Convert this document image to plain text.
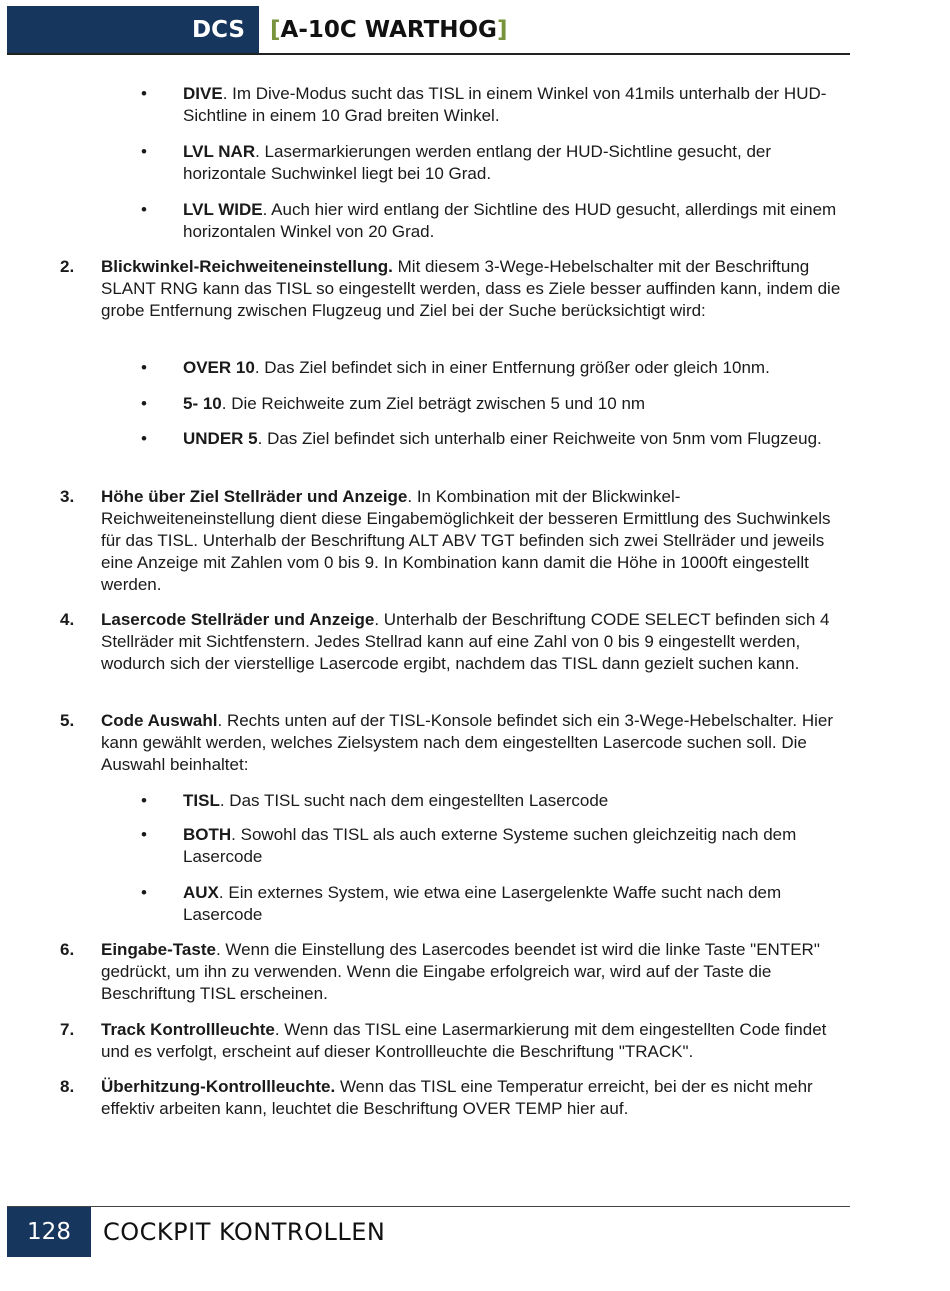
DCS [ A-10C WARTHOG ]
•	DIVE. Im Dive-Modus sucht das TISL in einem Winkel von 41mils unterhalb der HUD-Sichtline in einem 10 Grad breiten Winkel.
•	LVL NAR. Lasermarkierungen werden entlang der HUD-Sichtline gesucht, der horizontale Suchwinkel liegt bei 10 Grad.
•	LVL WIDE. Auch hier wird entlang der Sichtline des HUD gesucht, allerdings mit einem horizontalen Winkel von 20 Grad.
2.	Blickwinkel-Reichweiteneinstellung. Mit diesem 3-Wege-Hebelschalter mit der Beschriftung SLANT RNG kann das TISL so eingestellt werden, dass es Ziele besser auffinden kann, indem die grobe Entfernung zwischen Flugzeug und Ziel bei der Suche berücksichtigt wird:
•	OVER 10. Das Ziel befindet sich in einer Entfernung größer oder gleich 10nm.
•	5- 10. Die Reichweite zum Ziel beträgt zwischen 5 und 10 nm
•	UNDER 5. Das Ziel befindet sich unterhalb einer Reichweite von 5nm vom Flugzeug.
3.	Höhe über Ziel Stellräder und Anzeige. In Kombination mit der Blickwinkel-Reichweiteneinstellung dient diese Eingabemöglichkeit der besseren Ermittlung des Suchwinkels für das TISL. Unterhalb der Beschriftung ALT ABV TGT befinden sich zwei Stellräder und jeweils eine Anzeige mit Zahlen vom 0 bis 9. In Kombination kann damit die Höhe in 1000ft eingestellt werden.
4.	Lasercode Stellräder und Anzeige. Unterhalb der Beschriftung CODE SELECT befinden sich 4 Stellräder mit Sichtfenstern. Jedes Stellrad kann auf eine Zahl von 0 bis 9 eingestellt werden, wodurch sich der vierstellige Lasercode ergibt, nachdem das TISL dann gezielt suchen kann.
5.	Code Auswahl. Rechts unten auf der TISL-Konsole befindet sich ein 3-Wege-Hebelschalter. Hier kann gewählt werden, welches Zielsystem nach dem eingestellten Lasercode suchen soll. Die Auswahl beinhaltet:
•	TISL. Das TISL sucht nach dem eingestellten Lasercode
•	BOTH. Sowohl das TISL als auch externe Systeme suchen gleichzeitig nach dem Lasercode
•	AUX. Ein externes System, wie etwa eine Lasergelenkte Waffe sucht nach dem Lasercode
6.	Eingabe-Taste. Wenn die Einstellung des Lasercodes beendet ist wird die linke Taste "ENTER" gedrückt, um ihn zu verwenden. Wenn die Eingabe erfolgreich war, wird auf der Taste die Beschriftung TISL erscheinen.
7.	Track Kontrollleuchte. Wenn das TISL eine Lasermarkierung mit dem eingestellten Code findet und es verfolgt, erscheint auf dieser Kontrollleuchte die Beschriftung "TRACK".
8.	Überhitzung-Kontrollleuchte. Wenn das TISL eine Temperatur erreicht, bei der es nicht mehr effektiv arbeiten kann, leuchtet die Beschriftung OVER TEMP hier auf.
128 COCKPIT KONTROLLEN
